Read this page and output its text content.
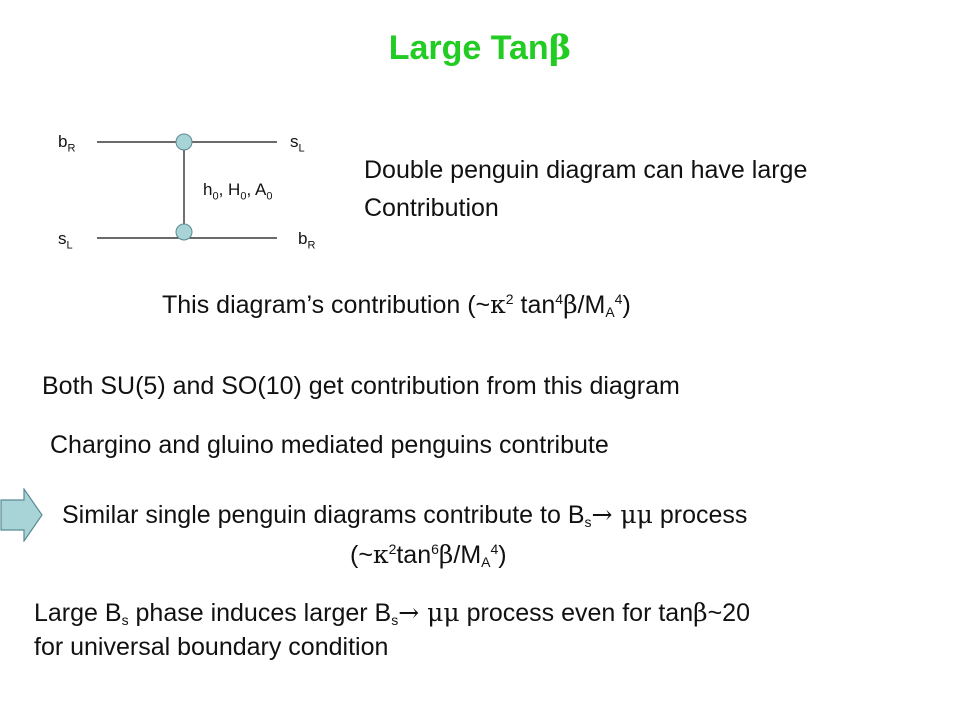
Large Tanβ
$b_R$	$s_L$
$s_L$	$b_R$
$h_0$, $H_0$, $A_0$
Double penguin diagram can have large
Contribution
This diagram’s contribution ($\sim\kappa^2$ $\tan^4\beta/M_A^4$)
Both SU(5) and SO(10) get contribution from this diagram
Chargino and gluino mediated penguins contribute
Similar single penguin diagrams contribute to $B_s\to \mu\mu$ process
$(\sim\kappa^2\tan^6\beta/M_A^4)$
Large $B_s$ phase induces larger $B_s\to \mu\mu$ process even for tanβ~20
for universal boundary condition
